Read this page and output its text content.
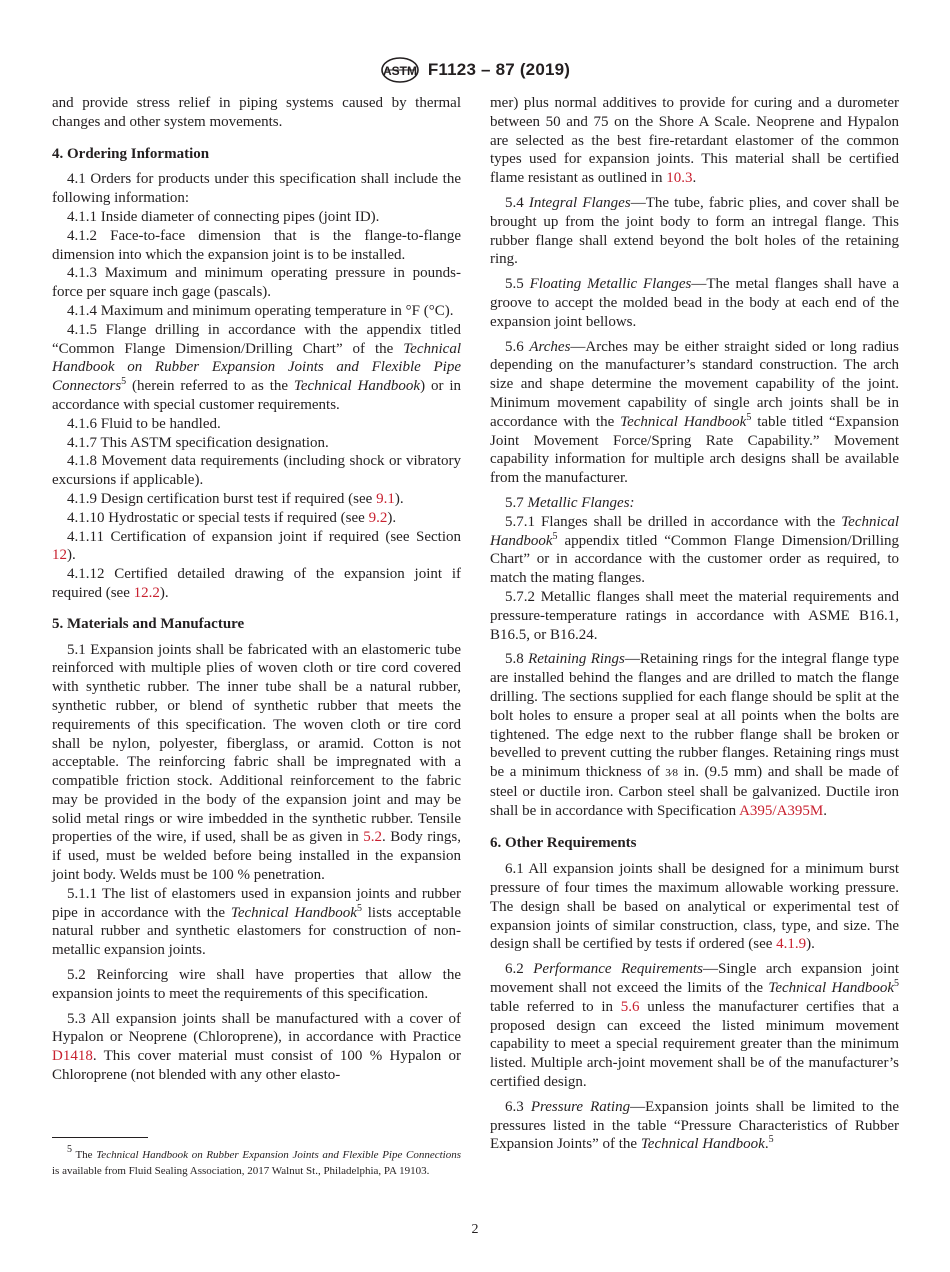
ASTM F1123 – 87 (2019)

and provide stress relief in piping systems caused by thermal changes and other system movements.

4. Ordering Information

4.1 Orders for products under this specification shall include the following information:

4.1.1 Inside diameter of connecting pipes (joint ID).

4.1.2 Face-to-face dimension that is the flange-to-flange dimension into which the expansion joint is to be installed.

4.1.3 Maximum and minimum operating pressure in pounds-force per square inch gage (pascals).

4.1.4 Maximum and minimum operating temperature in °F (°C).

4.1.5 Flange drilling in accordance with the appendix titled “Common Flange Dimension/Drilling Chart” of the Technical Handbook on Rubber Expansion Joints and Flexible Pipe Connectors$^5$ (herein referred to as the Technical Handbook) or in accordance with special customer requirements.

4.1.6 Fluid to be handled.

4.1.7 This ASTM specification designation.

4.1.8 Movement data requirements (including shock or vibratory excursions if applicable).

4.1.9 Design certification burst test if required (see 9.1).

4.1.10 Hydrostatic or special tests if required (see 9.2).

4.1.11 Certification of expansion joint if required (see Section 12).

4.1.12 Certified detailed drawing of the expansion joint if required (see 12.2).

5. Materials and Manufacture

5.1 Expansion joints shall be fabricated with an elastomeric tube reinforced with multiple plies of woven cloth or tire cord covered with synthetic rubber. The inner tube shall be a natural rubber, synthetic rubber, or blend of synthetic rubber that meets the requirements of this specification. The woven cloth or tire cord shall be nylon, polyester, fiberglass, or aramid. Cotton is not acceptable. The reinforcing fabric shall be impregnated with a compatible friction stock. Additional reinforcement to the fabric may be provided in the body of the expansion joint and may be solid metal rings or wire imbedded in the synthetic rubber. Tensile properties of the wire, if used, shall be as given in 5.2. Body rings, if used, must be welded before being installed in the expansion joint body. Welds must be 100 % penetration.

5.1.1 The list of elastomers used in expansion joints and rubber pipe in accordance with the Technical Handbook$^5$ lists acceptable natural rubber and synthetic elastomers for construction of non-metallic expansion joints.

5.2 Reinforcing wire shall have properties that allow the expansion joints to meet the requirements of this specification.

5.3 All expansion joints shall be manufactured with a cover of Hypalon or Neoprene (Chloroprene), in accordance with Practice D1418. This cover material must consist of 100 % Hypalon or Chloroprene (not blended with any other elasto-

$^5$ The Technical Handbook on Rubber Expansion Joints and Flexible Pipe Connections is available from Fluid Sealing Association, 2017 Walnut St., Philadelphia, PA 19103.

mer) plus normal additives to provide for curing and a durometer between 50 and 75 on the Shore A Scale. Neoprene and Hypalon are selected as the best fire-retardant elastomer of the common types used for expansion joints. This material shall be certified flame resistant as outlined in 10.3.

5.4 Integral Flanges—The tube, fabric plies, and cover shall be brought up from the joint body to form an intregal flange. This rubber flange shall extend beyond the bolt holes of the retaining ring.

5.5 Floating Metallic Flanges—The metal flanges shall have a groove to accept the molded bead in the body at each end of the expansion joint bellows.

5.6 Arches—Arches may be either straight sided or long radius depending on the manufacturer’s standard construction. The arch size and shape determine the movement capability of the joint. Minimum movement capability of single arch joints shall be in accordance with the Technical Handbook$^5$ table titled “Expansion Joint Movement Force/Spring Rate Capability.” Movement capability information for multiple arch designs shall be available from the manufacturer.

5.7 Metallic Flanges:

5.7.1 Flanges shall be drilled in accordance with the Technical Handbook$^5$ appendix titled “Common Flange Dimension/Drilling Chart” or in accordance with the customer order as required, to match the mating flanges.

5.7.2 Metallic flanges shall meet the material requirements and pressure-temperature ratings in accordance with ASME B16.1, B16.5, or B16.24.

5.8 Retaining Rings—Retaining rings for the integral flange type are installed behind the flanges and are drilled to match the flange drilling. The sections supplied for each flange should be split at the bolt holes to ensure a proper seal at all points when the bolts are tightened. The edge next to the rubber flange shall be broken or bevelled to prevent cutting the rubber flanges. Retaining rings must be a minimum thickness of 3⁄8 in. (9.5 mm) and shall be made of steel or ductile iron. Carbon steel shall be galvanized. Ductile iron shall be in accordance with Specification A395/A395M.

6. Other Requirements

6.1 All expansion joints shall be designed for a minimum burst pressure of four times the maximum allowable working pressure. The design shall be based on analytical or experimental test of expansion joints of similar construction, class, type, and size. The design shall be certified by tests if ordered (see 4.1.9).

6.2 Performance Requirements—Single arch expansion joint movement shall not exceed the limits of the Technical Handbook$^5$ table referred to in 5.6 unless the manufacturer certifies that a proposed design can exceed the listed minimum movement capability to meet a special requirement greater than the minimum listed. Multiple arch-joint movement shall be of the manufacturer’s certified design.

6.3 Pressure Rating—Expansion joints shall be limited to the pressures listed in the table “Pressure Characteristics of Rubber Expansion Joints” of the Technical Handbook.$^5$

2
